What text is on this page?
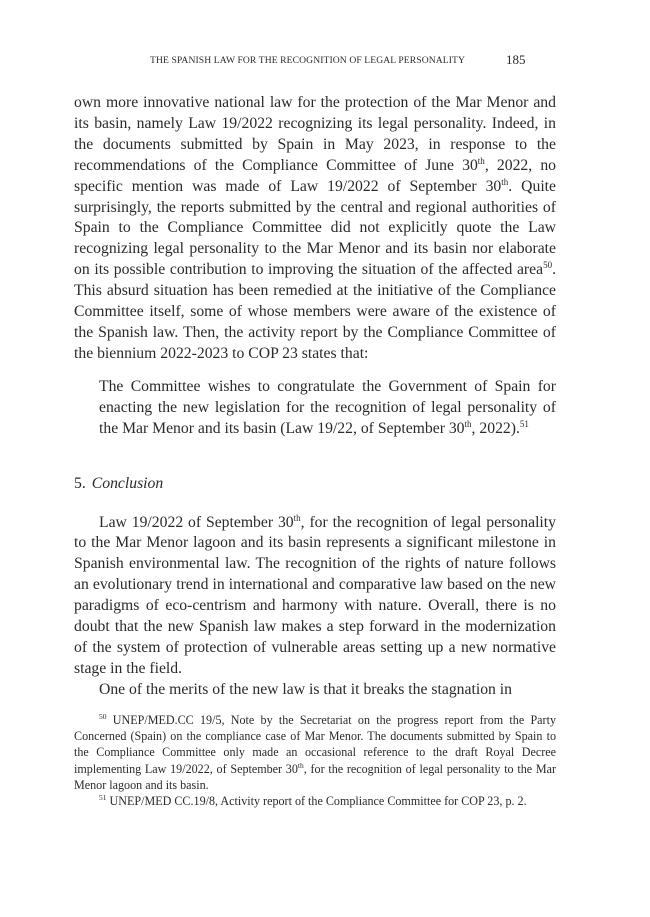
THE SPANISH LAW FOR THE RECOGNITION OF LEGAL PERSONALITY	185

own more innovative national law for the protection of the Mar Menor and its basin, namely Law 19/2022 recognizing its legal personality. Indeed, in the documents submitted by Spain in May 2023, in response to the recommendations of the Compliance Committee of June 30th, 2022, no specific mention was made of Law 19/2022 of September 30th. Quite surprisingly, the reports submitted by the central and regional authorities of Spain to the Compliance Committee did not explicitly quote the Law recognizing legal personality to the Mar Menor and its basin nor elaborate on its possible contribution to improving the situation of the affected area$^{50}$. This absurd situation has been remedied at the initiative of the Compliance Committee itself, some of whose members were aware of the existence of the Spanish law. Then, the activity report by the Compliance Committee of the biennium 2022-2023 to COP 23 states that:

The Committee wishes to congratulate the Government of Spain for enacting the new legislation for the recognition of legal personality of the Mar Menor and its basin (Law 19/22, of September 30th, 2022).$^{51}$
5. Conclusion

Law 19/2022 of September 30th, for the recognition of legal personality to the Mar Menor lagoon and its basin represents a significant milestone in Spanish environmental law. The recognition of the rights of nature follows an evolutionary trend in international and comparative law based on the new paradigms of eco-centrism and harmony with nature. Overall, there is no doubt that the new Spanish law makes a step forward in the modernization of the system of protection of vulnerable areas setting up a new normative stage in the field.

One of the merits of the new law is that it breaks the stagnation in

$^{50}$ UNEP/MED.CC 19/5, Note by the Secretariat on the progress report from the Party Concerned (Spain) on the compliance case of Mar Menor. The documents submitted by Spain to the Compliance Committee only made an occasional reference to the draft Royal Decree implementing Law 19/2022, of September 30th, for the recognition of legal personality to the Mar Menor lagoon and its basin.

$^{51}$ UNEP/MED CC.19/8, Activity report of the Compliance Committee for COP 23, p. 2.
